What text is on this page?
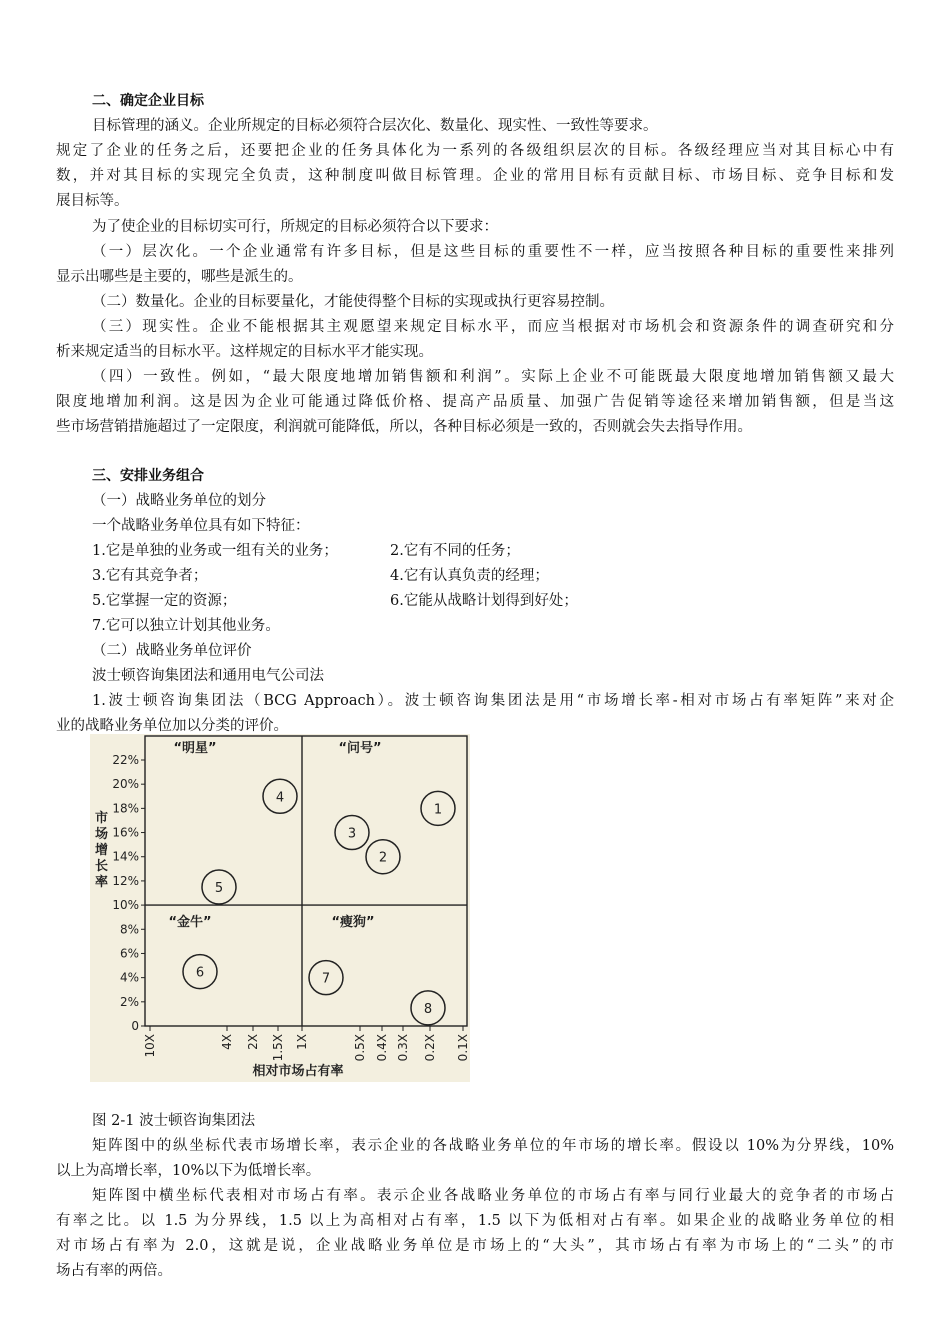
二、确定企业目标
目标管理的涵义。企业所规定的目标必须符合层次化、数量化、现实性、一致性等要求。
规定了企业的任务之后，还要把企业的任务具体化为一系列的各级组织层次的目标。各级经理应当对其目标心中有
数，并对其目标的实现完全负责，这种制度叫做目标管理。企业的常用目标有贡献目标、市场目标、竞争目标和发
展目标等。
为了使企业的目标切实可行，所规定的目标必须符合以下要求：
（一）层次化。一个企业通常有许多目标，但是这些目标的重要性不一样，应当按照各种目标的重要性来排列
显示出哪些是主要的，哪些是派生的。
（二）数量化。企业的目标要量化，才能使得整个目标的实现或执行更容易控制。
（三）现实性。企业不能根据其主观愿望来规定目标水平，而应当根据对市场机会和资源条件的调查研究和分
析来规定适当的目标水平。这样规定的目标水平才能实现。
（四）一致性。例如，“最大限度地增加销售额和利润”。实际上企业不可能既最大限度地增加销售额又最大
限度地增加利润。这是因为企业可能通过降低价格、提高产品质量、加强广告促销等途径来增加销售额，但是当这
些市场营销措施超过了一定限度，利润就可能降低，所以，各种目标必须是一致的，否则就会失去指导作用。
三、安排业务组合
（一）战略业务单位的划分
一个战略业务单位具有如下特征：
1.它是单独的业务或一组有关的业务；	2.它有不同的任务；
3.它有其竞争者；	4.它有认真负责的经理；
5.它掌握一定的资源；	6.它能从战略计划得到好处；
7.它可以独立计划其他业务。
（二）战略业务单位评价
波士顿咨询集团法和通用电气公司法
1.波士顿咨询集团法（BCG Approach）。波士顿咨询集团法是用“市场增长率-相对市场占有率矩阵”来对企
业的战略业务单位加以分类的评价。
22%
20%
18%
16%
14%
12%
10%
8%
6%
4%
2%
0
10X	4X 2X 1.5X 1X	0.5X 0.4X 0.3X 0.2X 0.1X
“明星”	“问号”
“金牛”	“瘦狗”
1
2
3
4
5
6	7
8
市场增长率
相对市场占有率
图 2-1 波士顿咨询集团法
矩阵图中的纵坐标代表市场增长率，表示企业的各战略业务单位的年市场的增长率。假设以 10%为分界线，10%
以上为高增长率，10%以下为低增长率。
矩阵图中横坐标代表相对市场占有率。表示企业各战略业务单位的市场占有率与同行业最大的竞争者的市场占
有率之比。以 1.5 为分界线，1.5 以上为高相对占有率，1.5 以下为低相对占有率。如果企业的战略业务单位的相
对市场占有率为 2.0，这就是说，企业战略业务单位是市场上的“大头”，其市场占有率为市场上的“二头”的市
场占有率的两倍。
